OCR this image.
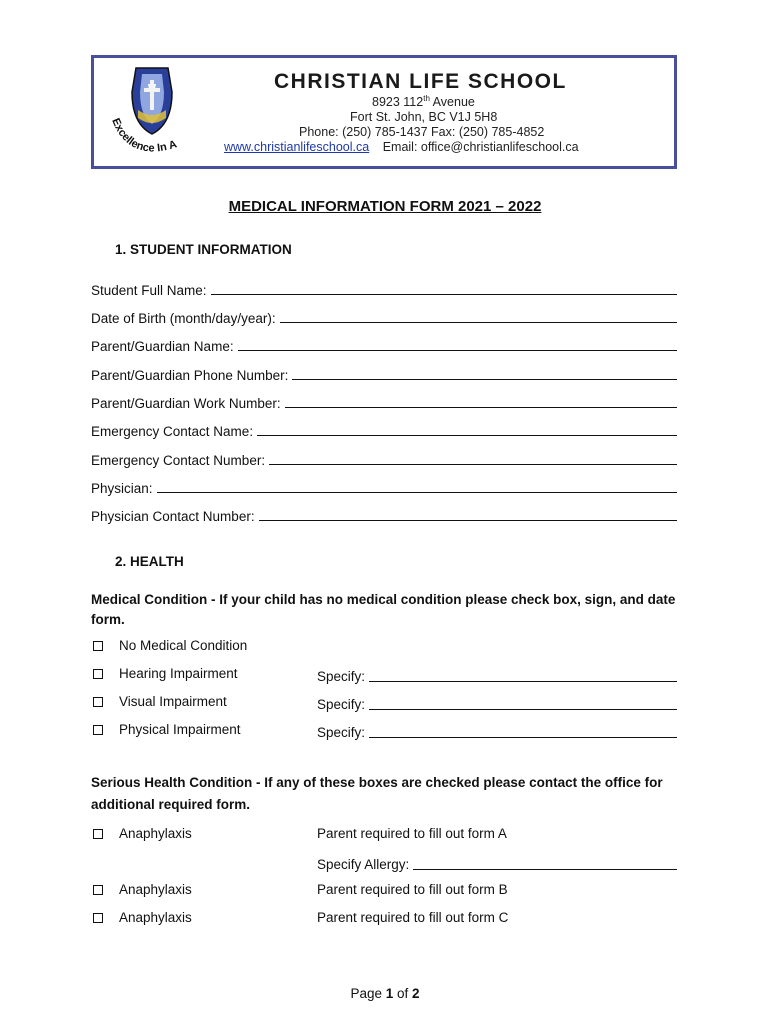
Excellence In A
CHRISTIAN LIFE SCHOOL
8923 112th Avenue
Fort St. John, BC V1J 5H8
Phone: (250) 785-1437 Fax: (250) 785-4852
www.christianlifeschool.ca Email: office@christianlifeschool.ca
MEDICAL INFORMATION FORM 2021 – 2022
1. STUDENT INFORMATION
Student Full Name:
Date of Birth (month/day/year):
Parent/Guardian Name:
Parent/Guardian Phone Number:
Parent/Guardian Work Number:
Emergency Contact Name:
Emergency Contact Number:
Physician:
Physician Contact Number:
2. HEALTH
Medical Condition - If your child has no medical condition please check box, sign, and date form.
No Medical Condition
Hearing Impairment	Specify:
Visual Impairment	Specify:
Physical Impairment	Specify:
Serious Health Condition - If any of these boxes are checked please contact the office for additional required form.
Anaphylaxis	Parent required to fill out form A
Specify Allergy:
Anaphylaxis	Parent required to fill out form B
Anaphylaxis	Parent required to fill out form C
Page 1 of 2
